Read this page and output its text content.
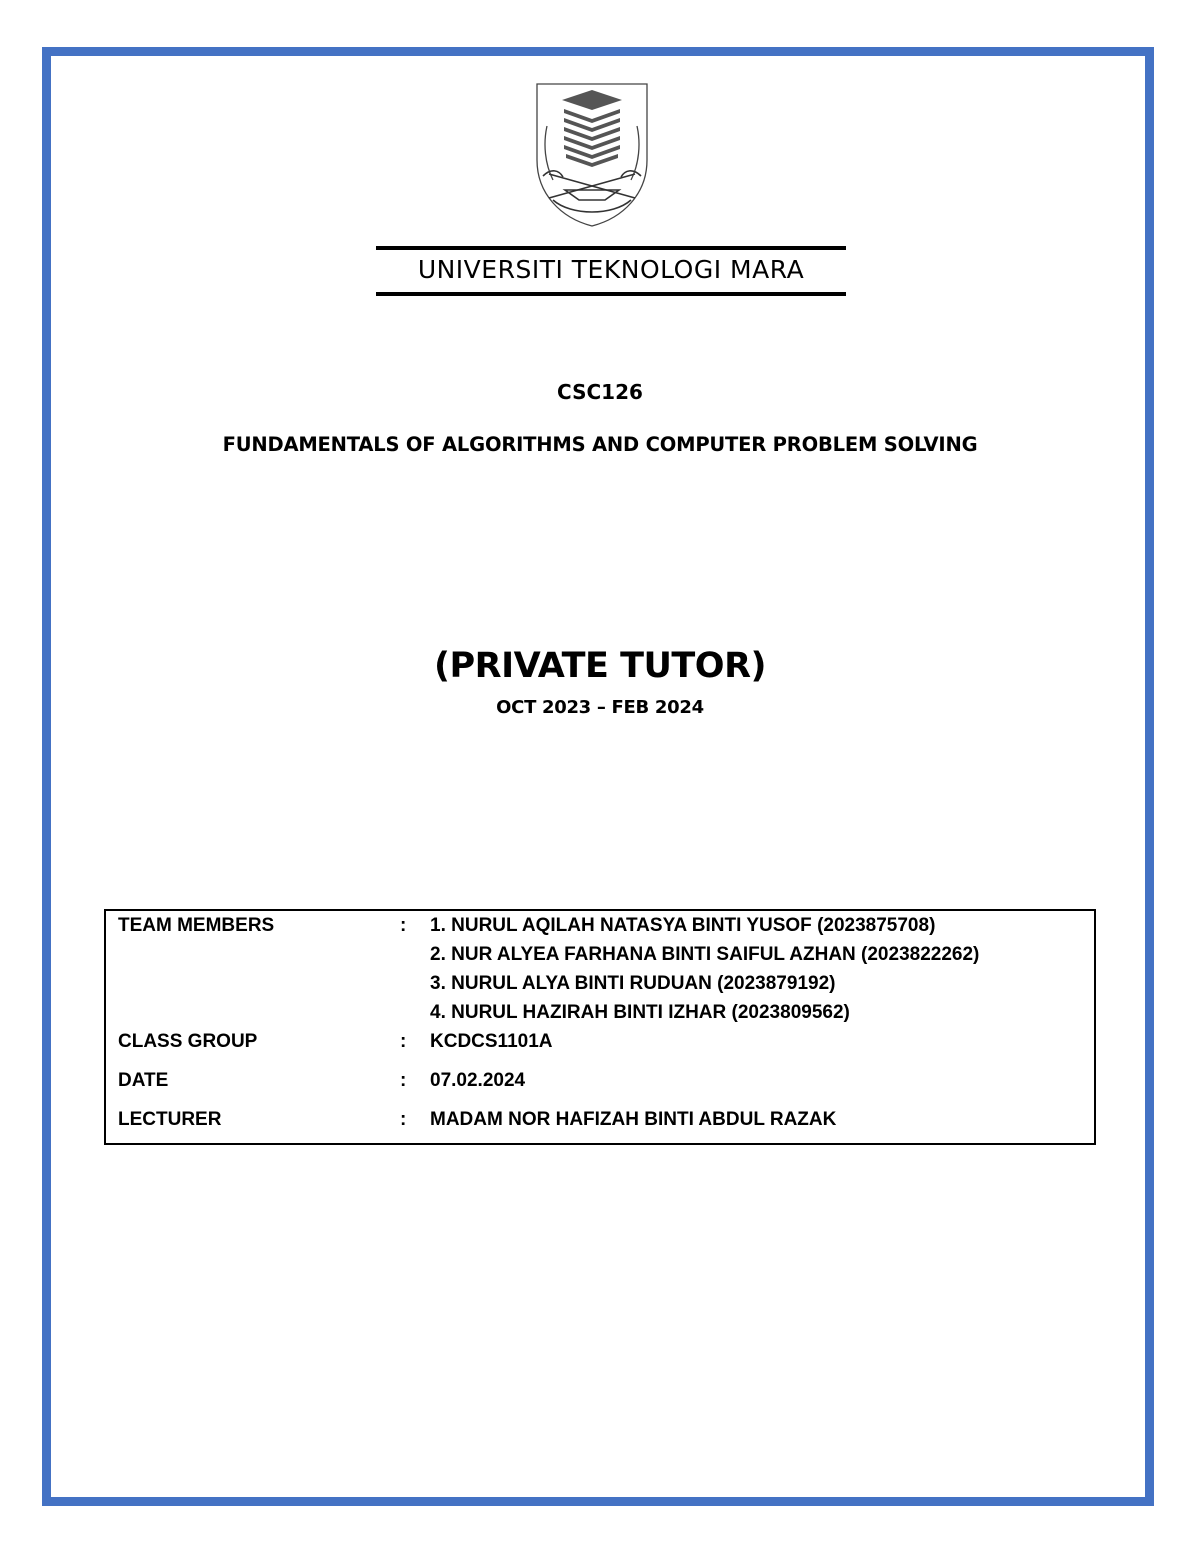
UNIVERSITI TEKNOLOGI MARA
CSC126
FUNDAMENTALS OF ALGORITHMS AND COMPUTER PROBLEM SOLVING
(PRIVATE TUTOR)
OCT 2023 – FEB 2024
TEAM MEMBERS	: 1. NURUL AQILAH NATASYA BINTI YUSOF (2023875708)
2. NUR ALYEA FARHANA BINTI SAIFUL AZHAN (2023822262)
3. NURUL ALYA BINTI RUDUAN (2023879192)
4. NURUL HAZIRAH BINTI IZHAR (2023809562)
CLASS GROUP	: KCDCS1101A
DATE	: 07.02.2024
LECTURER	: MADAM NOR HAFIZAH BINTI ABDUL RAZAK
